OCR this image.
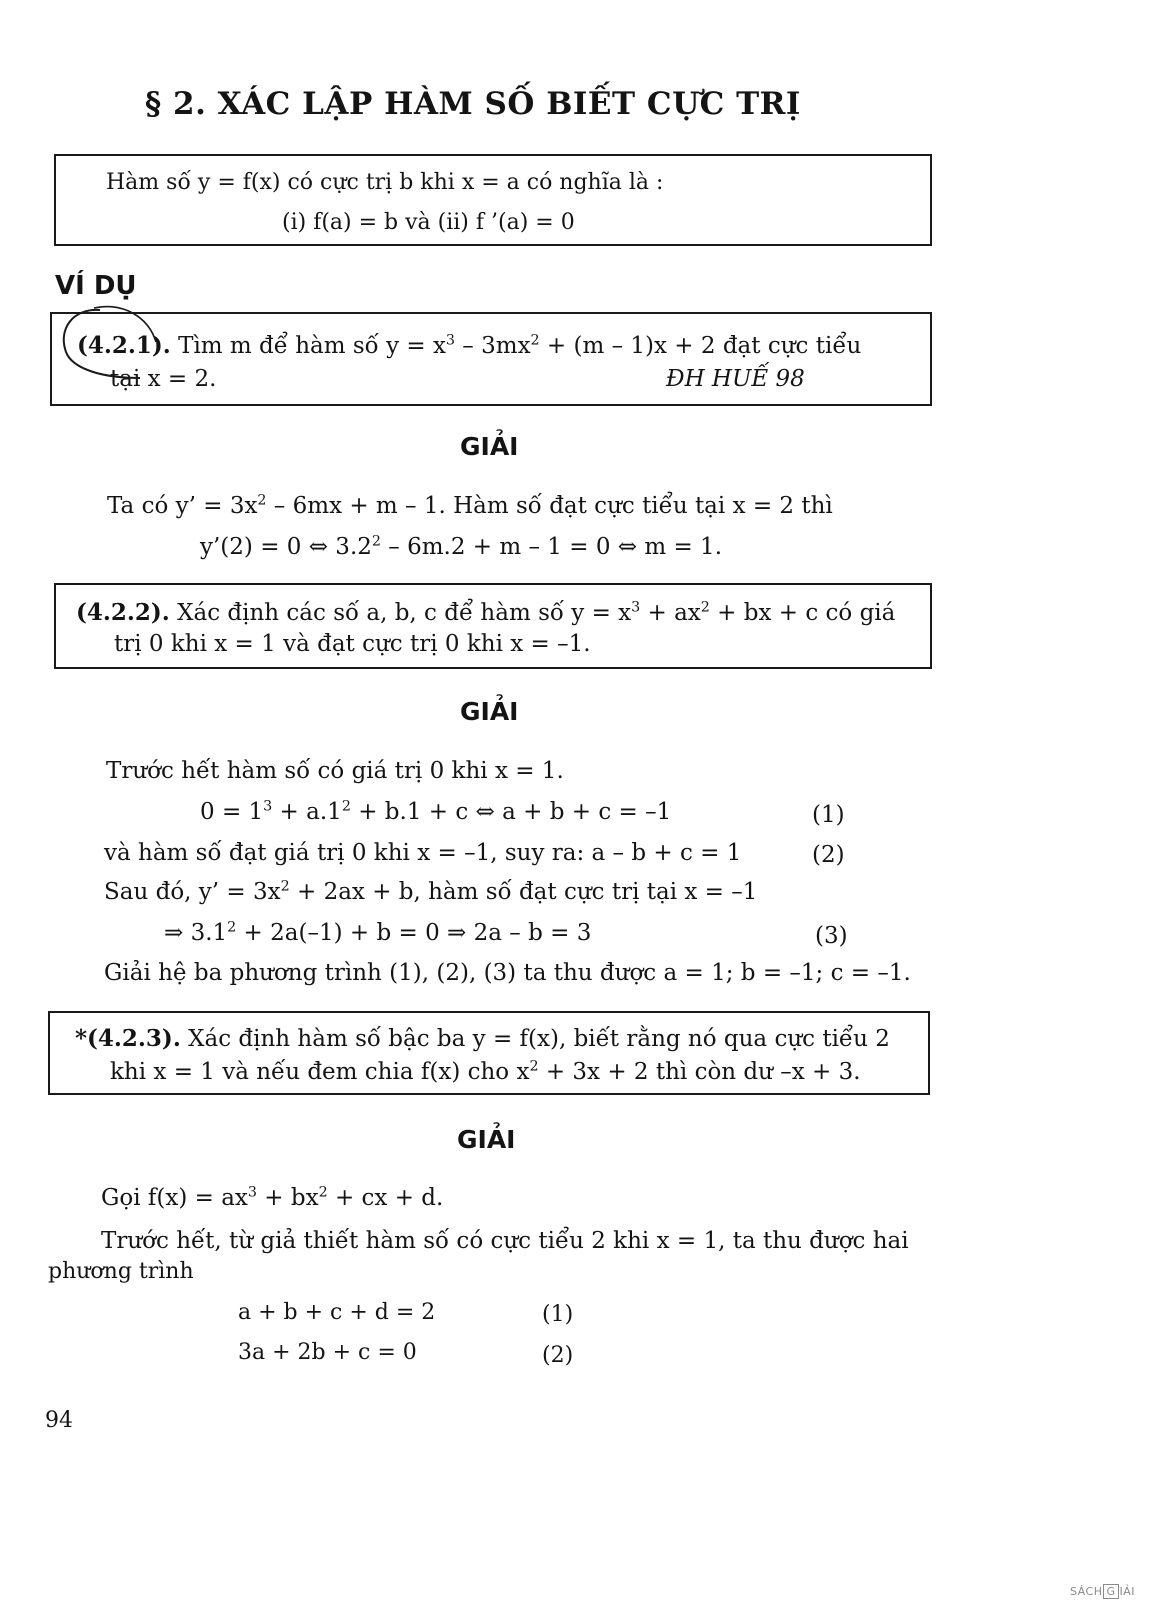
§ 2. XÁC LẬP HÀM SỐ BIẾT CỰC TRỊ
Hàm số y = f(x) có cực trị b khi x = a có nghĩa là :
(i) f(a) = b và (ii) f ’(a) = 0
VÍ DỤ
(4.2.1). Tìm m để hàm số $y = x^3 - 3mx^2 + (m - 1)x + 2$ đạt cực tiểu
tại x = 2.	ĐH HUẾ 98
GIẢI
Ta có y’ = $3x^2 - 6mx + m - 1$. Hàm số đạt cực tiểu tại x = 2 thì
y’(2) = 0 ⇔ $3.2^2 - 6m.2 + m - 1 = 0$ ⇔ m = 1.
(4.2.2). Xác định các số a, b, c để hàm số $y = x^3 + ax^2$ + bx + c có giá
trị 0 khi x = 1 và đạt cực trị 0 khi x = –1.
GIẢI
Trước hết hàm số có giá trị 0 khi x = 1.
$0 = 1^3 + a.1^2 + b.1 + c$ ⇔ a + b + c = –1	(1)
và hàm số đạt giá trị 0 khi x = –1, suy ra: a – b + c = 1	(2)
Sau đó, y’ = $3x^2 + 2ax + b$, hàm số đạt cực trị tại x = –1
⇒ $3.1^2 + 2a(-1) + b = 0$ ⇒ 2a – b = 3	(3)
Giải hệ ba phương trình (1), (2), (3) ta thu được a = 1; b = –1; c = –1.
*(4.2.3). Xác định hàm số bậc ba y = f(x), biết rằng nó qua cực tiểu 2
khi x = 1 và nếu đem chia f(x) cho $x^2 + 3x + 2$ thì còn dư –x + 3.
GIẢI
Gọi $f(x) = ax^3 + bx^2$ + cx + d.
Trước hết, từ giả thiết hàm số có cực tiểu 2 khi x = 1, ta thu được hai
phương trình
a + b + c + d = 2	(1)
3a + 2b + c = 0	(2)
94
SÁCH G IẢI
